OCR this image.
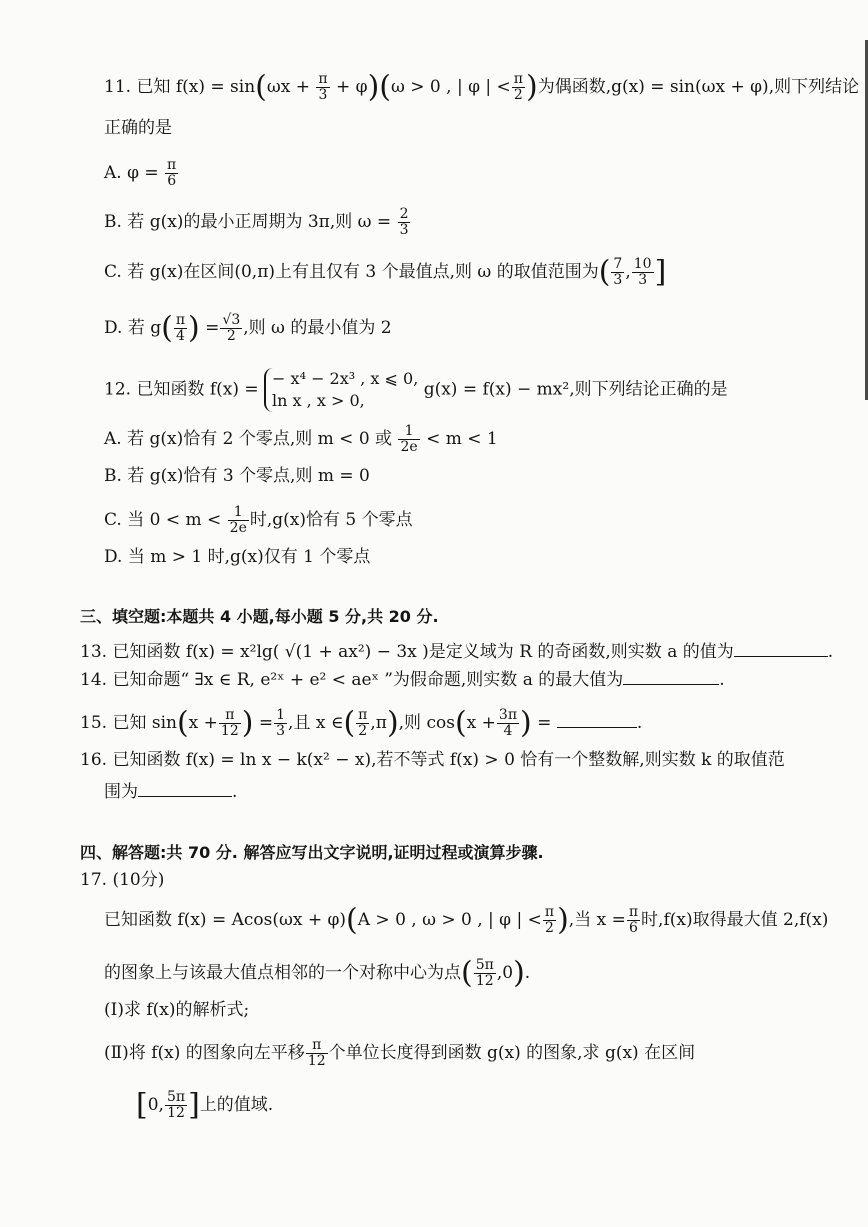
11. 已知 $f(x) = \sin(\omega x + \frac{\pi}{3} + \varphi)(\omega > 0$ , | φ | < $\frac{\pi}{2}$ )为偶函数,g(x) = sin(ωx + φ),则下列结论
正确的是
A. $\varphi = \frac{\pi}{6}$
B. 若 g(x)的最小正周期为 3π,则 $\omega = \frac{2}{3}$
C. 若 g(x)在区间(0,π)上有且仅有 3 个最值点,则 ω 的取值范围为( $\frac{7}{3}$ , $\frac{10}{3}$ ]
D. 若 $g( \frac{\pi}{4}$ ) = $\frac{√3}{2}$ ,则 ω 的最小值为 2
12. 已知函数 f(x) =
− x⁴ − 2x³ , x ⩽ 0,
ln x , x > 0,
g(x) = f(x) − mx²,则下列结论正确的是
A. 若 g(x)恰有 2 个零点,则 m < 0 或 $\frac{1}{2e} < m < 1$
B. 若 g(x)恰有 3 个零点,则 m = 0
C. 当 $0 < m < \frac{1}{2e}$ 时,g(x)恰有 5 个零点
D. 当 m > 1 时,g(x)仅有 1 个零点
三、填空题:本题共 4 小题,每小题 5 分,共 20 分.
13. 已知函数 f(x) = x²lg( √(1 + ax²) − 3x )是定义域为 R 的奇函数,则实数 a 的值为	.
14. 已知命题“ ∃x ∈ R, e²ˣ + e² < aeˣ ”为假命题,则实数 a 的最大值为	.
15. 已知 $\sin(x + \frac{\pi}{12}$ ) = $\frac{1}{3}$ ,且 x ∈( $\frac{\pi}{2} ,\pi$),则 $\cos(x + \frac{3\pi}{4}$ ) =	.
16. 已知函数 f(x) = ln x − k(x² − x),若不等式 f(x) > 0 恰有一个整数解,则实数 k 的取值范
围为	.
四、解答题:共 70 分. 解答应写出文字说明,证明过程或演算步骤.
17. (10分)
已知函数 f(x) = Acos(ωx + φ)(A > 0 , ω > 0 , | φ | < $\frac{\pi}{2}$ ),当 $x = \frac{\pi}{6}$ 时,f(x)取得最大值 2,f(x)
的图象上与该最大值点相邻的一个对称中心为点( $\frac{5\pi}{12} ,0$).
(Ⅰ)求 f(x)的解析式;
(Ⅱ)将 f(x) 的图象向左平移 $\frac{\pi}{12}$ 个单位长度得到函数 g(x) 的图象,求 g(x) 在区间
[0, $\frac{5\pi}{12}$ ]上的值域.
